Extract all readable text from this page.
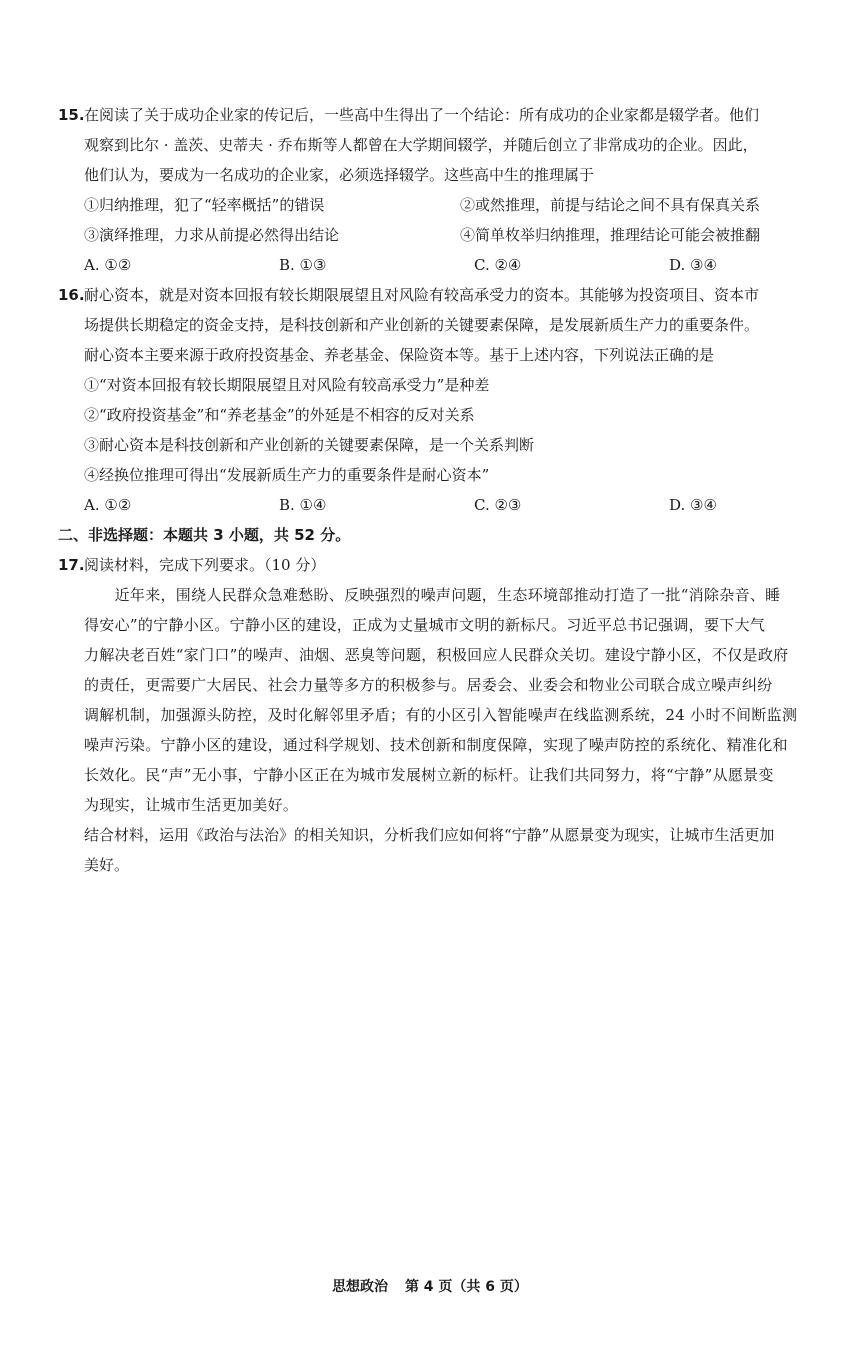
15.在阅读了关于成功企业家的传记后，一些高中生得出了一个结论：所有成功的企业家都是辍学者。他们
观察到比尔 · 盖茨、史蒂夫 · 乔布斯等人都曾在大学期间辍学，并随后创立了非常成功的企业。因此，
他们认为，要成为一名成功的企业家，必须选择辍学。这些高中生的推理属于
①归纳推理，犯了“轻率概括”的错误	②或然推理，前提与结论之间不具有保真关系
③演绎推理，力求从前提必然得出结论	④简单枚举归纳推理，推理结论可能会被推翻
A. ①②	B. ①③	C. ②④	D. ③④
16.耐心资本，就是对资本回报有较长期限展望且对风险有较高承受力的资本。其能够为投资项目、资本市
场提供长期稳定的资金支持，是科技创新和产业创新的关键要素保障，是发展新质生产力的重要条件。
耐心资本主要来源于政府投资基金、养老基金、保险资本等。基于上述内容，下列说法正确的是
①“对资本回报有较长期限展望且对风险有较高承受力”是种差
②“政府投资基金”和“养老基金”的外延是不相容的反对关系
③耐心资本是科技创新和产业创新的关键要素保障，是一个关系判断
④经换位推理可得出“发展新质生产力的重要条件是耐心资本”
A. ①②	B. ①④	C. ②③	D. ③④
二、非选择题：本题共 3 小题，共 52 分。
17.阅读材料，完成下列要求。（10 分）
　　近年来，围绕人民群众急难愁盼、反映强烈的噪声问题，生态环境部推动打造了一批“消除杂音、睡
得安心”的宁静小区。宁静小区的建设，正成为丈量城市文明的新标尺。习近平总书记强调，要下大气
力解决老百姓“家门口”的噪声、油烟、恶臭等问题，积极回应人民群众关切。建设宁静小区，不仅是政府
的责任，更需要广大居民、社会力量等多方的积极参与。居委会、业委会和物业公司联合成立噪声纠纷
调解机制，加强源头防控，及时化解邻里矛盾；有的小区引入智能噪声在线监测系统，24 小时不间断监测
噪声污染。宁静小区的建设，通过科学规划、技术创新和制度保障，实现了噪声防控的系统化、精准化和
长效化。民“声”无小事，宁静小区正在为城市发展树立新的标杆。让我们共同努力，将“宁静”从愿景变
为现实，让城市生活更加美好。
结合材料，运用《政治与法治》的相关知识，分析我们应如何将“宁静”从愿景变为现实，让城市生活更加
美好。
思想政治 第 4 页（共 6 页）
